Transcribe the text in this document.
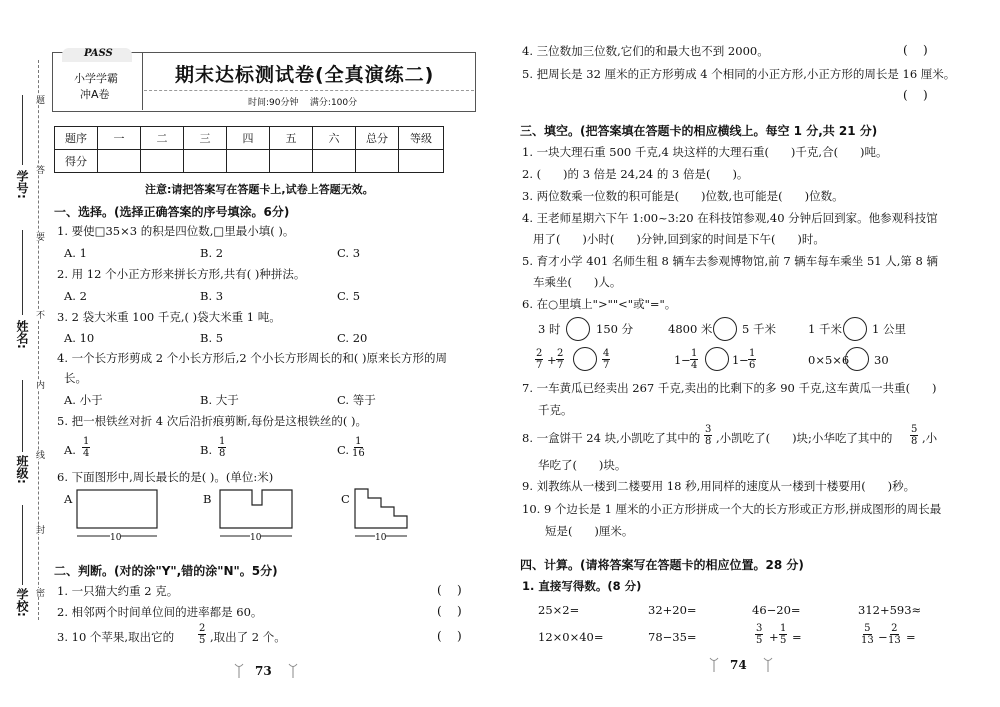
学号:
姓名:
班级:
学校:
题
答
要
不
内
线
封
密
PASS
小学学霸
冲A卷
期末达标测试卷(全真演练二)
时间:90分钟    满分:100分
题序	一	二	三	四	五	六	总分	等级
得分								
注意:请把答案写在答题卡上,试卷上答题无效。
一、选择。(选择正确答案的序号填涂。6分)
1. 要使□35×3 的积是四位数,□里最小填( )。
A. 1	B. 2	C. 3
2. 用 12 个小正方形来拼长方形,共有( )种拼法。
A. 2	B. 3	C. 5
3. 2 袋大米重 100 千克,( )袋大米重 1 吨。
A. 10	B. 5	C. 20
4. 一个长方形剪成 2 个小长方形后,2 个小长方形周长的和( )原来长方形的周
长。
A. 小于	B. 大于	C. 等于
5. 把一根铁丝对折 4 次后沿折痕剪断,每份是这根铁丝的( )。
A. $\frac{1}{4}$	B. $\frac{1}{8}$	C. $\frac{1}{16}$
6. 下面图形中,周长最长的是( )。(单位:米)
A	B	C
10	10	10
二、判断。(对的涂"Y",错的涂"N"。5分)
1. 一只猫大约重 2 克。	(    )
2. 相邻两个时间单位间的进率都是 60。	(    )
3. 10 个苹果,取出它的 $\frac{2}{5}$ ,取出了 2 个。	(    )
73	74
4. 三位数加三位数,它们的和最大也不到 2000。	(    )
5. 把周长是 32 厘米的正方形剪成 4 个相同的小正方形,小正方形的周长是 16 厘米。
(    )
三、填空。(把答案填在答题卡的相应横线上。每空 1 分,共 21 分)
1. 一块大理石重 500 千克,4 块这样的大理石重(      )千克,合(      )吨。
2. (      )的 3 倍是 24,24 的 3 倍是(      )。
3. 两位数乘一位数的积可能是(      )位数,也可能是(      )位数。
4. 王老师星期六下午 1:00~3:20 在科技馆参观,40 分钟后回到家。他参观科技馆
用了(      )小时(      )分钟,回到家的时间是下午(      )时。
5. 育才小学 401 名师生租 8 辆车去参观博物馆,前 7 辆车每车乘坐 51 人,第 8 辆
车乘坐(      )人。
6. 在○里填上">""<"或"="。
3 时	150 分	4800 米	5 千米	1 千米	1 公里
$\frac{2}{7} + \frac{2}{7}$	$\frac{4}{7}$	$1 - \frac{1}{4}$	$1 - \frac{1}{6}$	0×5×6 30
7. 一车黄瓜已经卖出 267 千克,卖出的比剩下的多 90 千克,这车黄瓜一共重(      )
千克。
8. 一盒饼干 24 块,小凯吃了其中的 $\frac{3}{8}$ ,小凯吃了(      )块;小华吃了其中的 $\frac{5}{8}$ ,小
华吃了(      )块。
9. 刘教练从一楼到二楼要用 18 秒,用同样的速度从一楼到十楼要用(      )秒。
10. 9 个边长是 1 厘米的小正方形拼成一个大的长方形或正方形,拼成图形的周长最
短是(      )厘米。
四、计算。(请将答案写在答题卡的相应位置。28 分)
1. 直接写得数。(8 分)
25×2=	32+20=	46−20=	312+593≈
12×0×40=	78−35=	$\frac{3}{5} + \frac{1}{5}$ =	$\frac{5}{13} - \frac{2}{13}$ =
